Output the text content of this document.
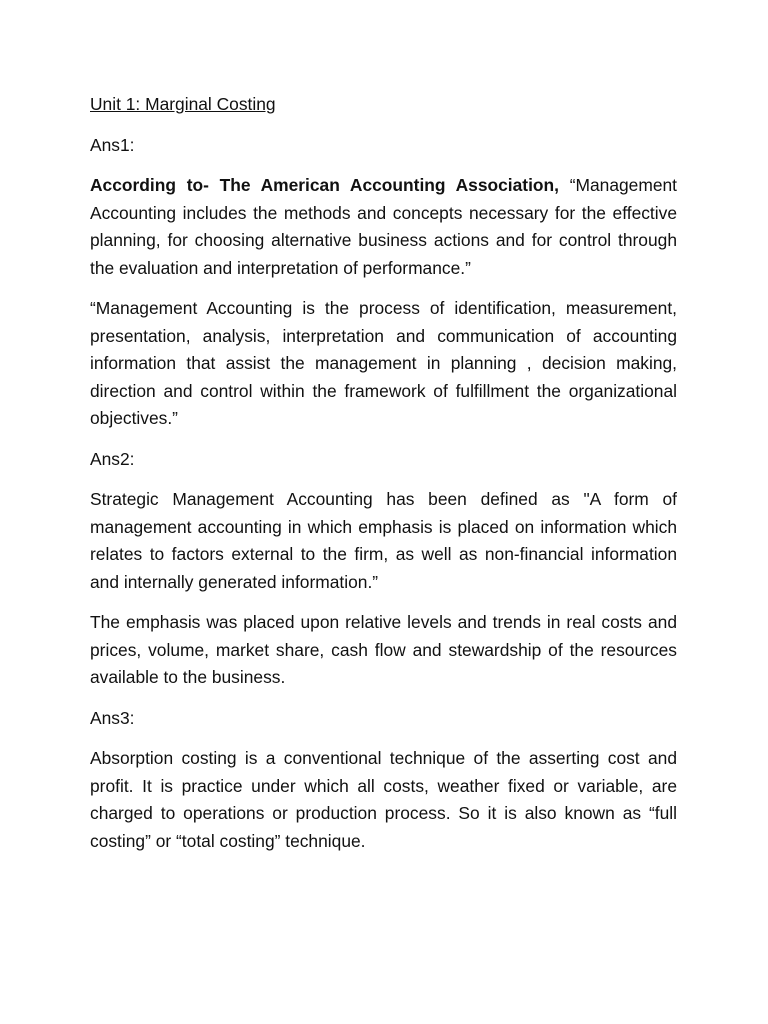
Unit 1: Marginal Costing

Ans1:

According to- The American Accounting Association, “Management Accounting includes the methods and concepts necessary for the effective planning, for choosing alternative business actions and for control through the evaluation and interpretation of performance.”

“Management Accounting is the process of identification, measurement, presentation, analysis, interpretation and communication of accounting information that assist the management in planning , decision making, direction and control within the framework of fulfillment the organizational objectives.”

Ans2:

Strategic Management Accounting has been defined as "A form of management accounting in which emphasis is placed on information which relates to factors external to the firm, as well as non-financial information and internally generated information.”

The emphasis was placed upon relative levels and trends in real costs and prices, volume, market share, cash flow and stewardship of the resources available to the business.

Ans3:

Absorption costing is a conventional technique of the asserting cost and profit. It is practice under which all costs, weather fixed or variable, are charged to operations or production process. So it is also known as “full costing” or “total costing” technique.
